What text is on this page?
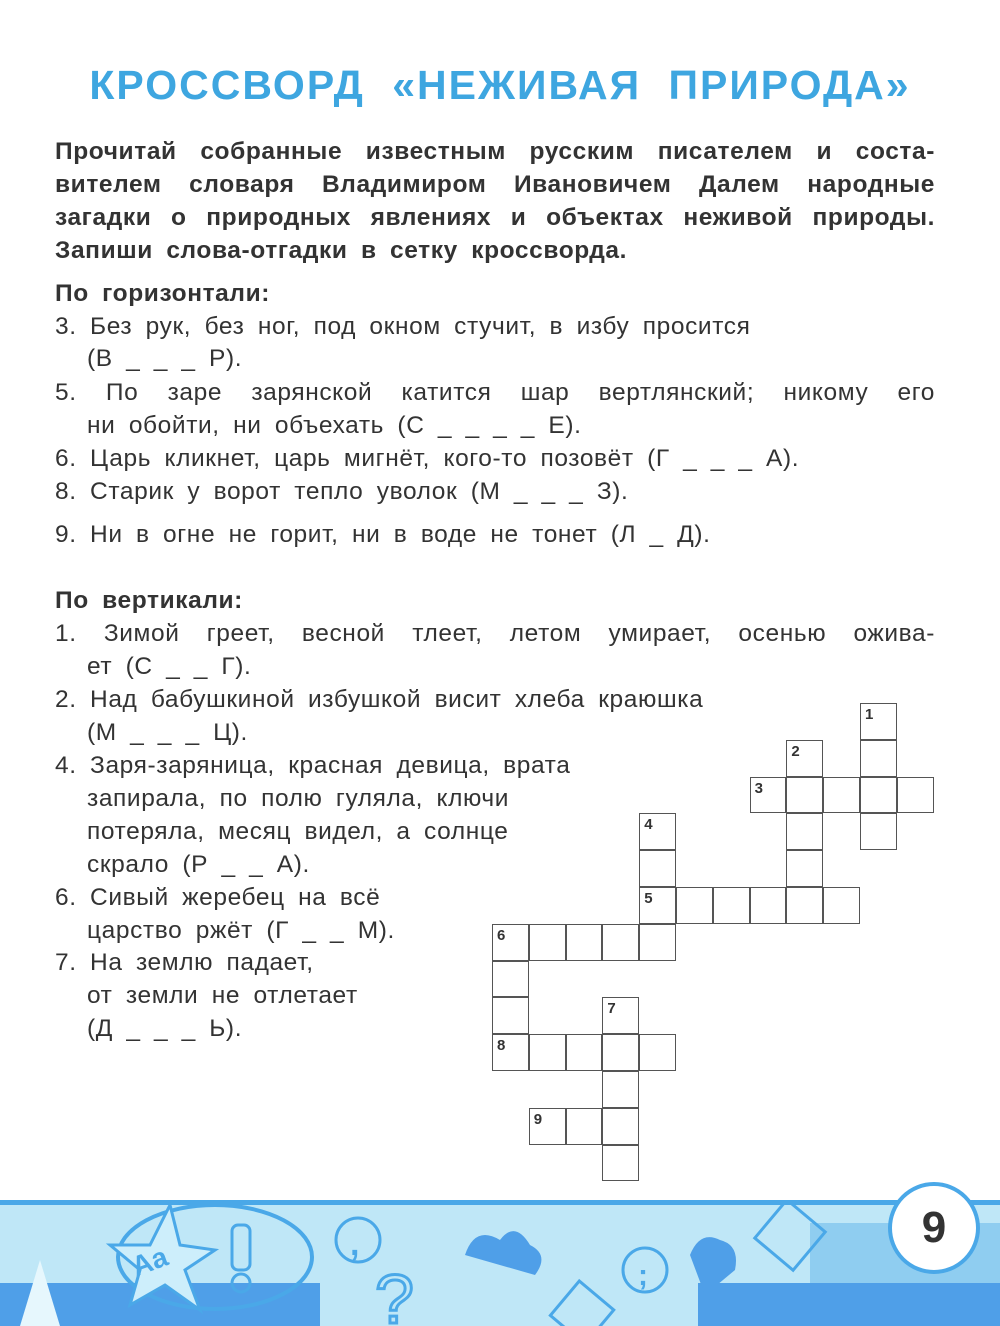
КРОССВОРД «НЕЖИВАЯ ПРИРОДА»
Прочитай собранные известным русским писателем и соста-
вителем словаря Владимиром Ивановичем Далем народные
загадки о природных явлениях и объектах неживой природы.
Запиши слова-отгадки в сетку кроссворда.
По горизонтали:
3. Без рук, без ног, под окном стучит, в избу просится
(В _ _ _ Р).
5. По заре зарянской катится шар вертлянский; никому его
ни обойти, ни объехать (С _ _ _ _ Е).
6. Царь кликнет, царь мигнёт, кого-то позовёт (Г _ _ _ А).
8. Старик у ворот тепло уволок (М _ _ _ З).
9. Ни в огне не горит, ни в воде не тонет (Л _ Д).
По вертикали:
1. Зимой греет, весной тлеет, летом умирает, осенью ожива-
ет (С _ _ Г).
2. Над бабушкиной избушкой висит хлеба краюшка
(М _ _ _ Ц).
4. Заря-заряница, красная девица, врата
запирала, по полю гуляла, ключи
потеряла, месяц видел, а солнце
скрало (Р _ _ А).
6. Сивый жеребец на всё
царство ржёт (Г _ _ М).
7. На землю падает,
от земли не отлетает
(Д _ _ _ Ь).
1
2
3
4
5
6
8
7
9
Aa	,
?	;
9
